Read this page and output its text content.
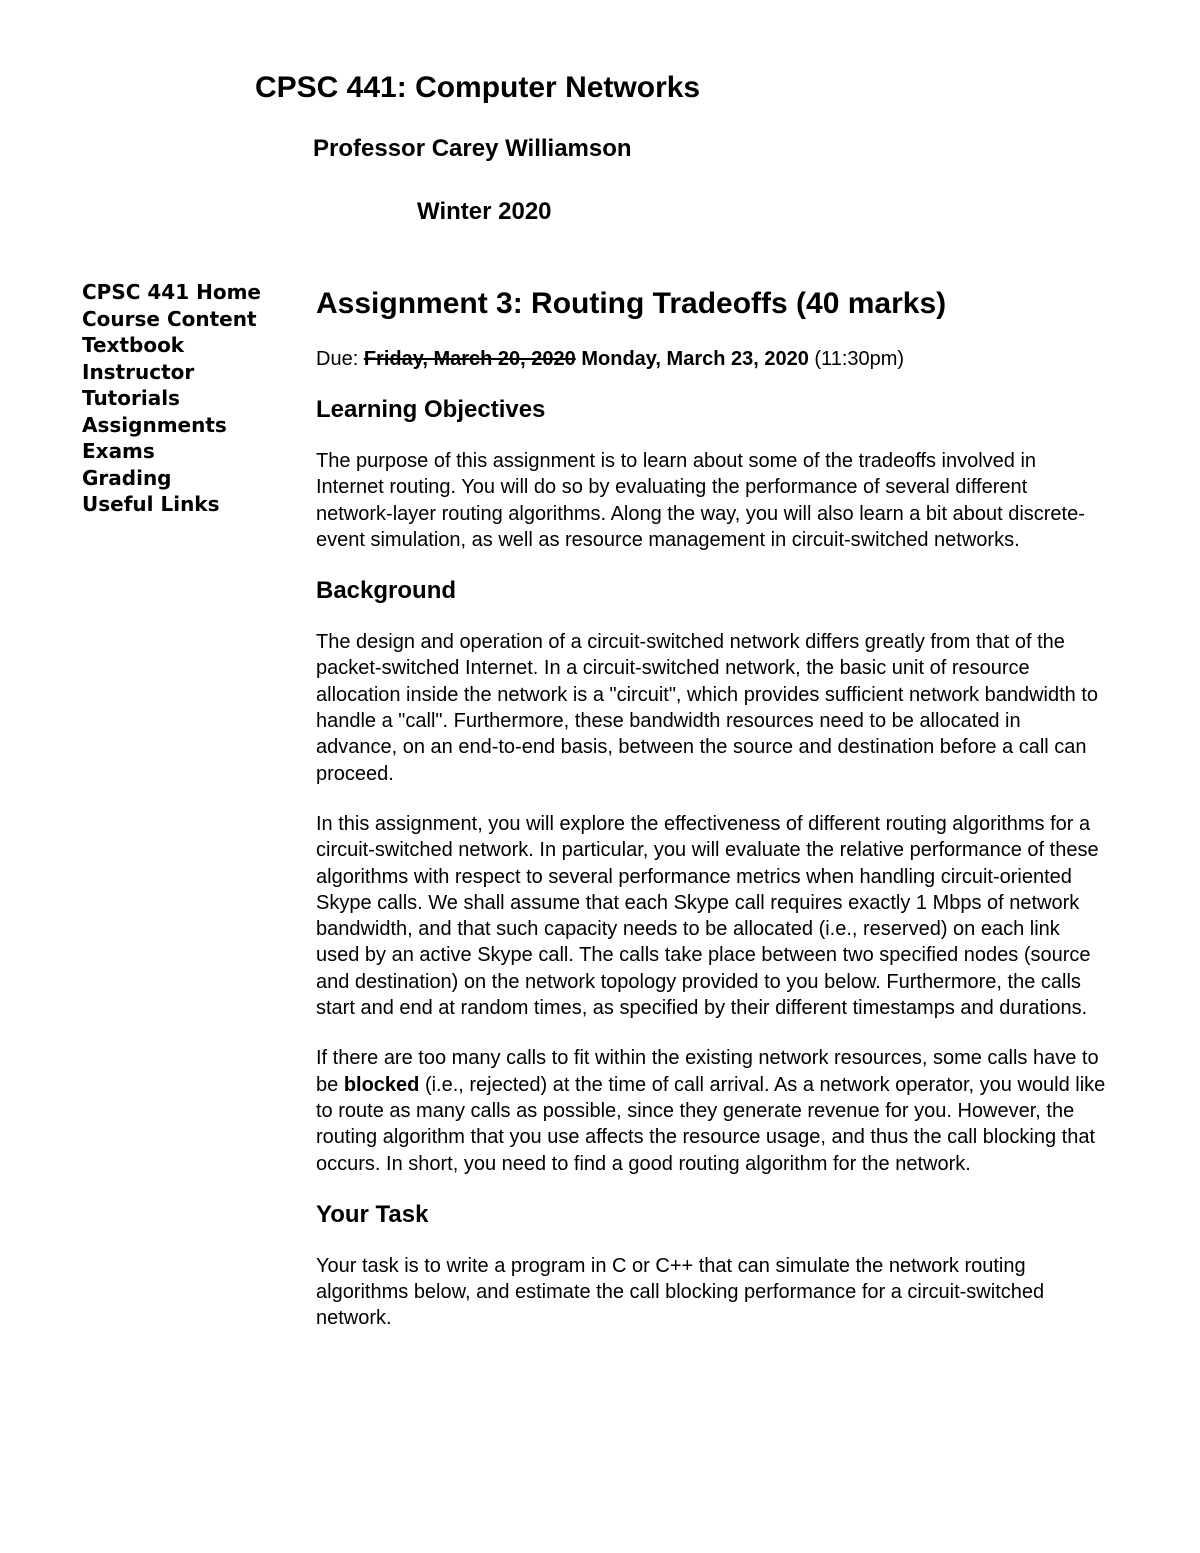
CPSC 441: Computer Networks
Professor Carey Williamson
Winter 2020
CPSC 441 Home
Course Content
Textbook
Instructor
Tutorials
Assignments
Exams
Grading
Useful Links
Assignment 3: Routing Tradeoffs (40 marks)

Due: Friday, March 20, 2020 Monday, March 23, 2020 (11:30pm)

Learning Objectives

The purpose of this assignment is to learn about some of the tradeoffs involved in Internet routing. You will do so by evaluating the performance of several different network-layer routing algorithms. Along the way, you will also learn a bit about discrete-event simulation, as well as resource management in circuit-switched networks.

Background

The design and operation of a circuit-switched network differs greatly from that of the packet-switched Internet. In a circuit-switched network, the basic unit of resource allocation inside the network is a "circuit", which provides sufficient network bandwidth to handle a "call". Furthermore, these bandwidth resources need to be allocated in advance, on an end-to-end basis, between the source and destination before a call can proceed.

In this assignment, you will explore the effectiveness of different routing algorithms for a circuit-switched network. In particular, you will evaluate the relative performance of these algorithms with respect to several performance metrics when handling circuit-oriented Skype calls. We shall assume that each Skype call requires exactly 1 Mbps of network bandwidth, and that such capacity needs to be allocated (i.e., reserved) on each link used by an active Skype call. The calls take place between two specified nodes (source and destination) on the network topology provided to you below. Furthermore, the calls start and end at random times, as specified by their different timestamps and durations.

If there are too many calls to fit within the existing network resources, some calls have to be blocked (i.e., rejected) at the time of call arrival. As a network operator, you would like to route as many calls as possible, since they generate revenue for you. However, the routing algorithm that you use affects the resource usage, and thus the call blocking that occurs. In short, you need to find a good routing algorithm for the network.

Your Task

Your task is to write a program in C or C++ that can simulate the network routing algorithms below, and estimate the call blocking performance for a circuit-switched network.
